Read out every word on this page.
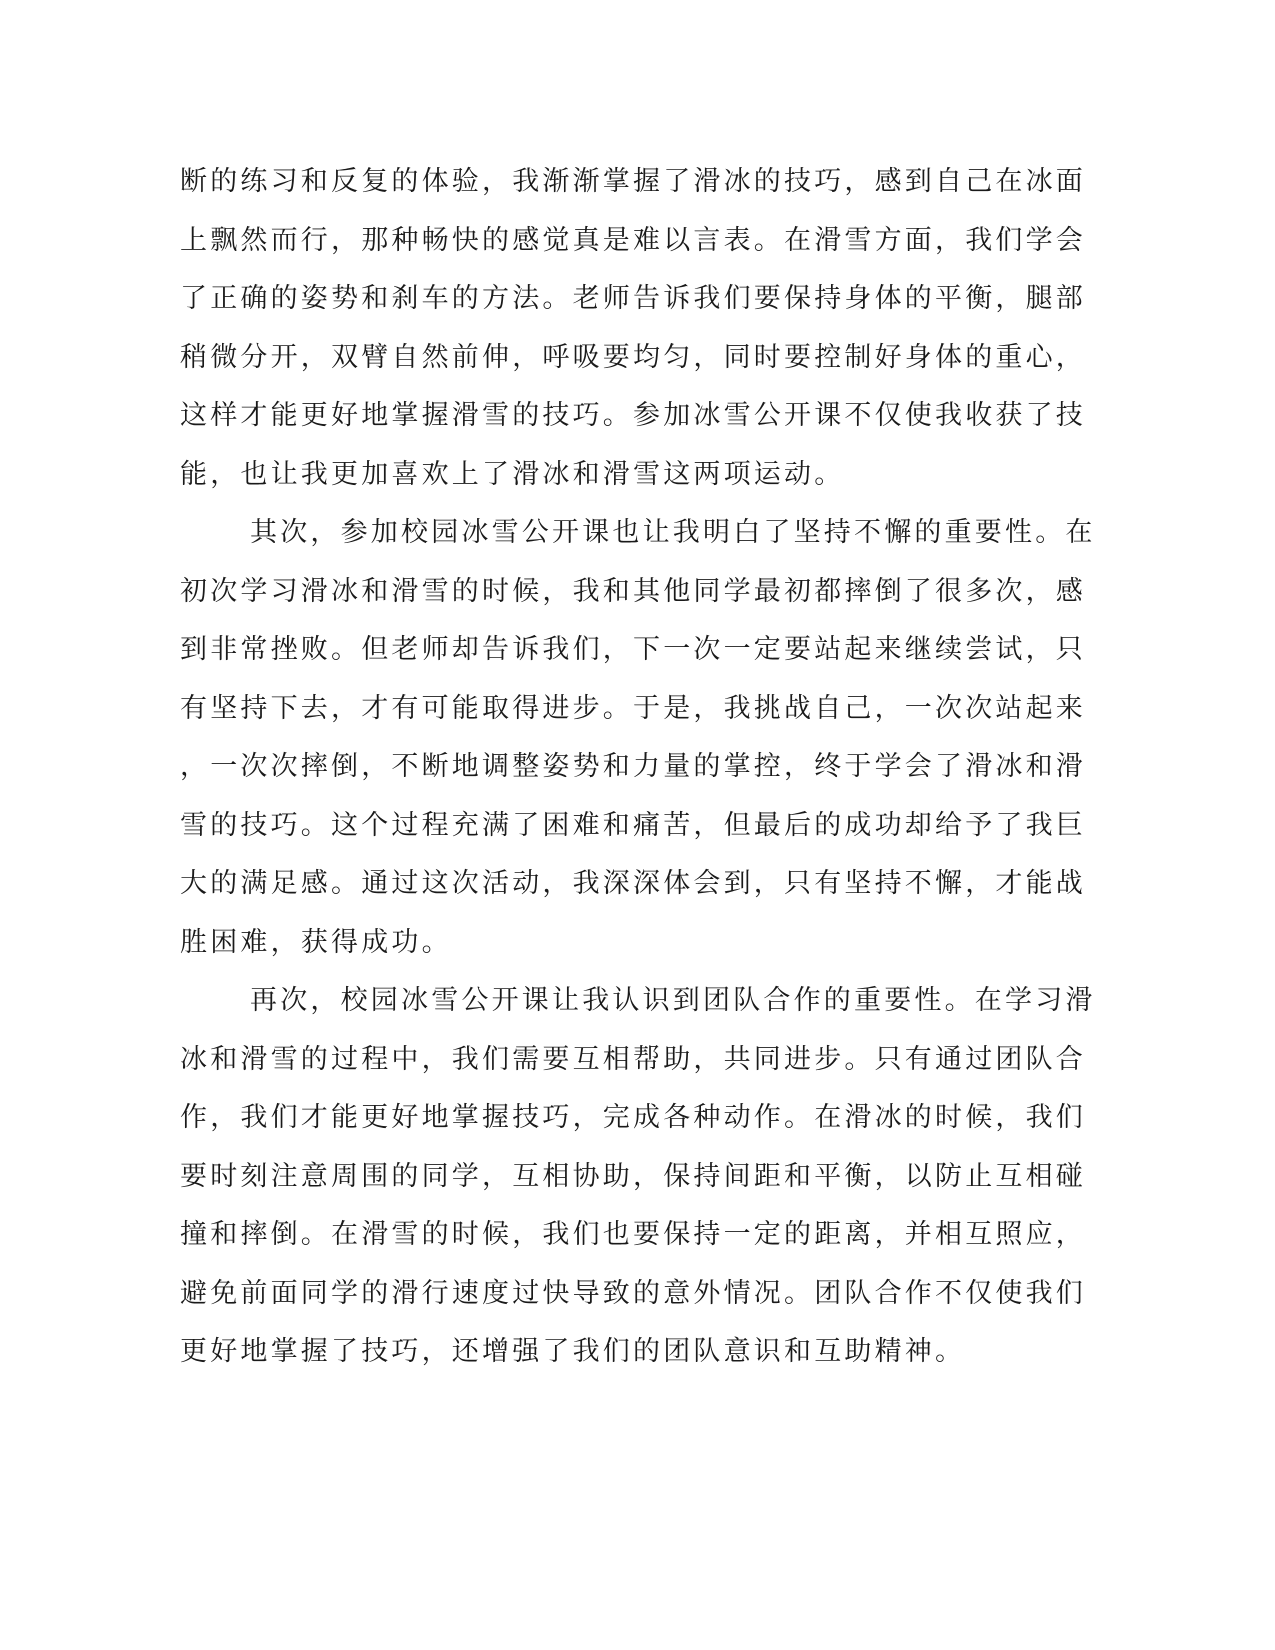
断的练习和反复的体验，我渐渐掌握了滑冰的技巧，感到自己在冰面
上飘然而行，那种畅快的感觉真是难以言表。在滑雪方面，我们学会
了正确的姿势和刹车的方法。老师告诉我们要保持身体的平衡，腿部
稍微分开，双臂自然前伸，呼吸要均匀，同时要控制好身体的重心，
这样才能更好地掌握滑雪的技巧。参加冰雪公开课不仅使我收获了技
能，也让我更加喜欢上了滑冰和滑雪这两项运动。
其次，参加校园冰雪公开课也让我明白了坚持不懈的重要性。在
初次学习滑冰和滑雪的时候，我和其他同学最初都摔倒了很多次，感
到非常挫败。但老师却告诉我们，下一次一定要站起来继续尝试，只
有坚持下去，才有可能取得进步。于是，我挑战自己，一次次站起来
，一次次摔倒，不断地调整姿势和力量的掌控，终于学会了滑冰和滑
雪的技巧。这个过程充满了困难和痛苦，但最后的成功却给予了我巨
大的满足感。通过这次活动，我深深体会到，只有坚持不懈，才能战
胜困难，获得成功。
再次，校园冰雪公开课让我认识到团队合作的重要性。在学习滑
冰和滑雪的过程中，我们需要互相帮助，共同进步。只有通过团队合
作，我们才能更好地掌握技巧，完成各种动作。在滑冰的时候，我们
要时刻注意周围的同学，互相协助，保持间距和平衡，以防止互相碰
撞和摔倒。在滑雪的时候，我们也要保持一定的距离，并相互照应，
避免前面同学的滑行速度过快导致的意外情况。团队合作不仅使我们
更好地掌握了技巧，还增强了我们的团队意识和互助精神。
